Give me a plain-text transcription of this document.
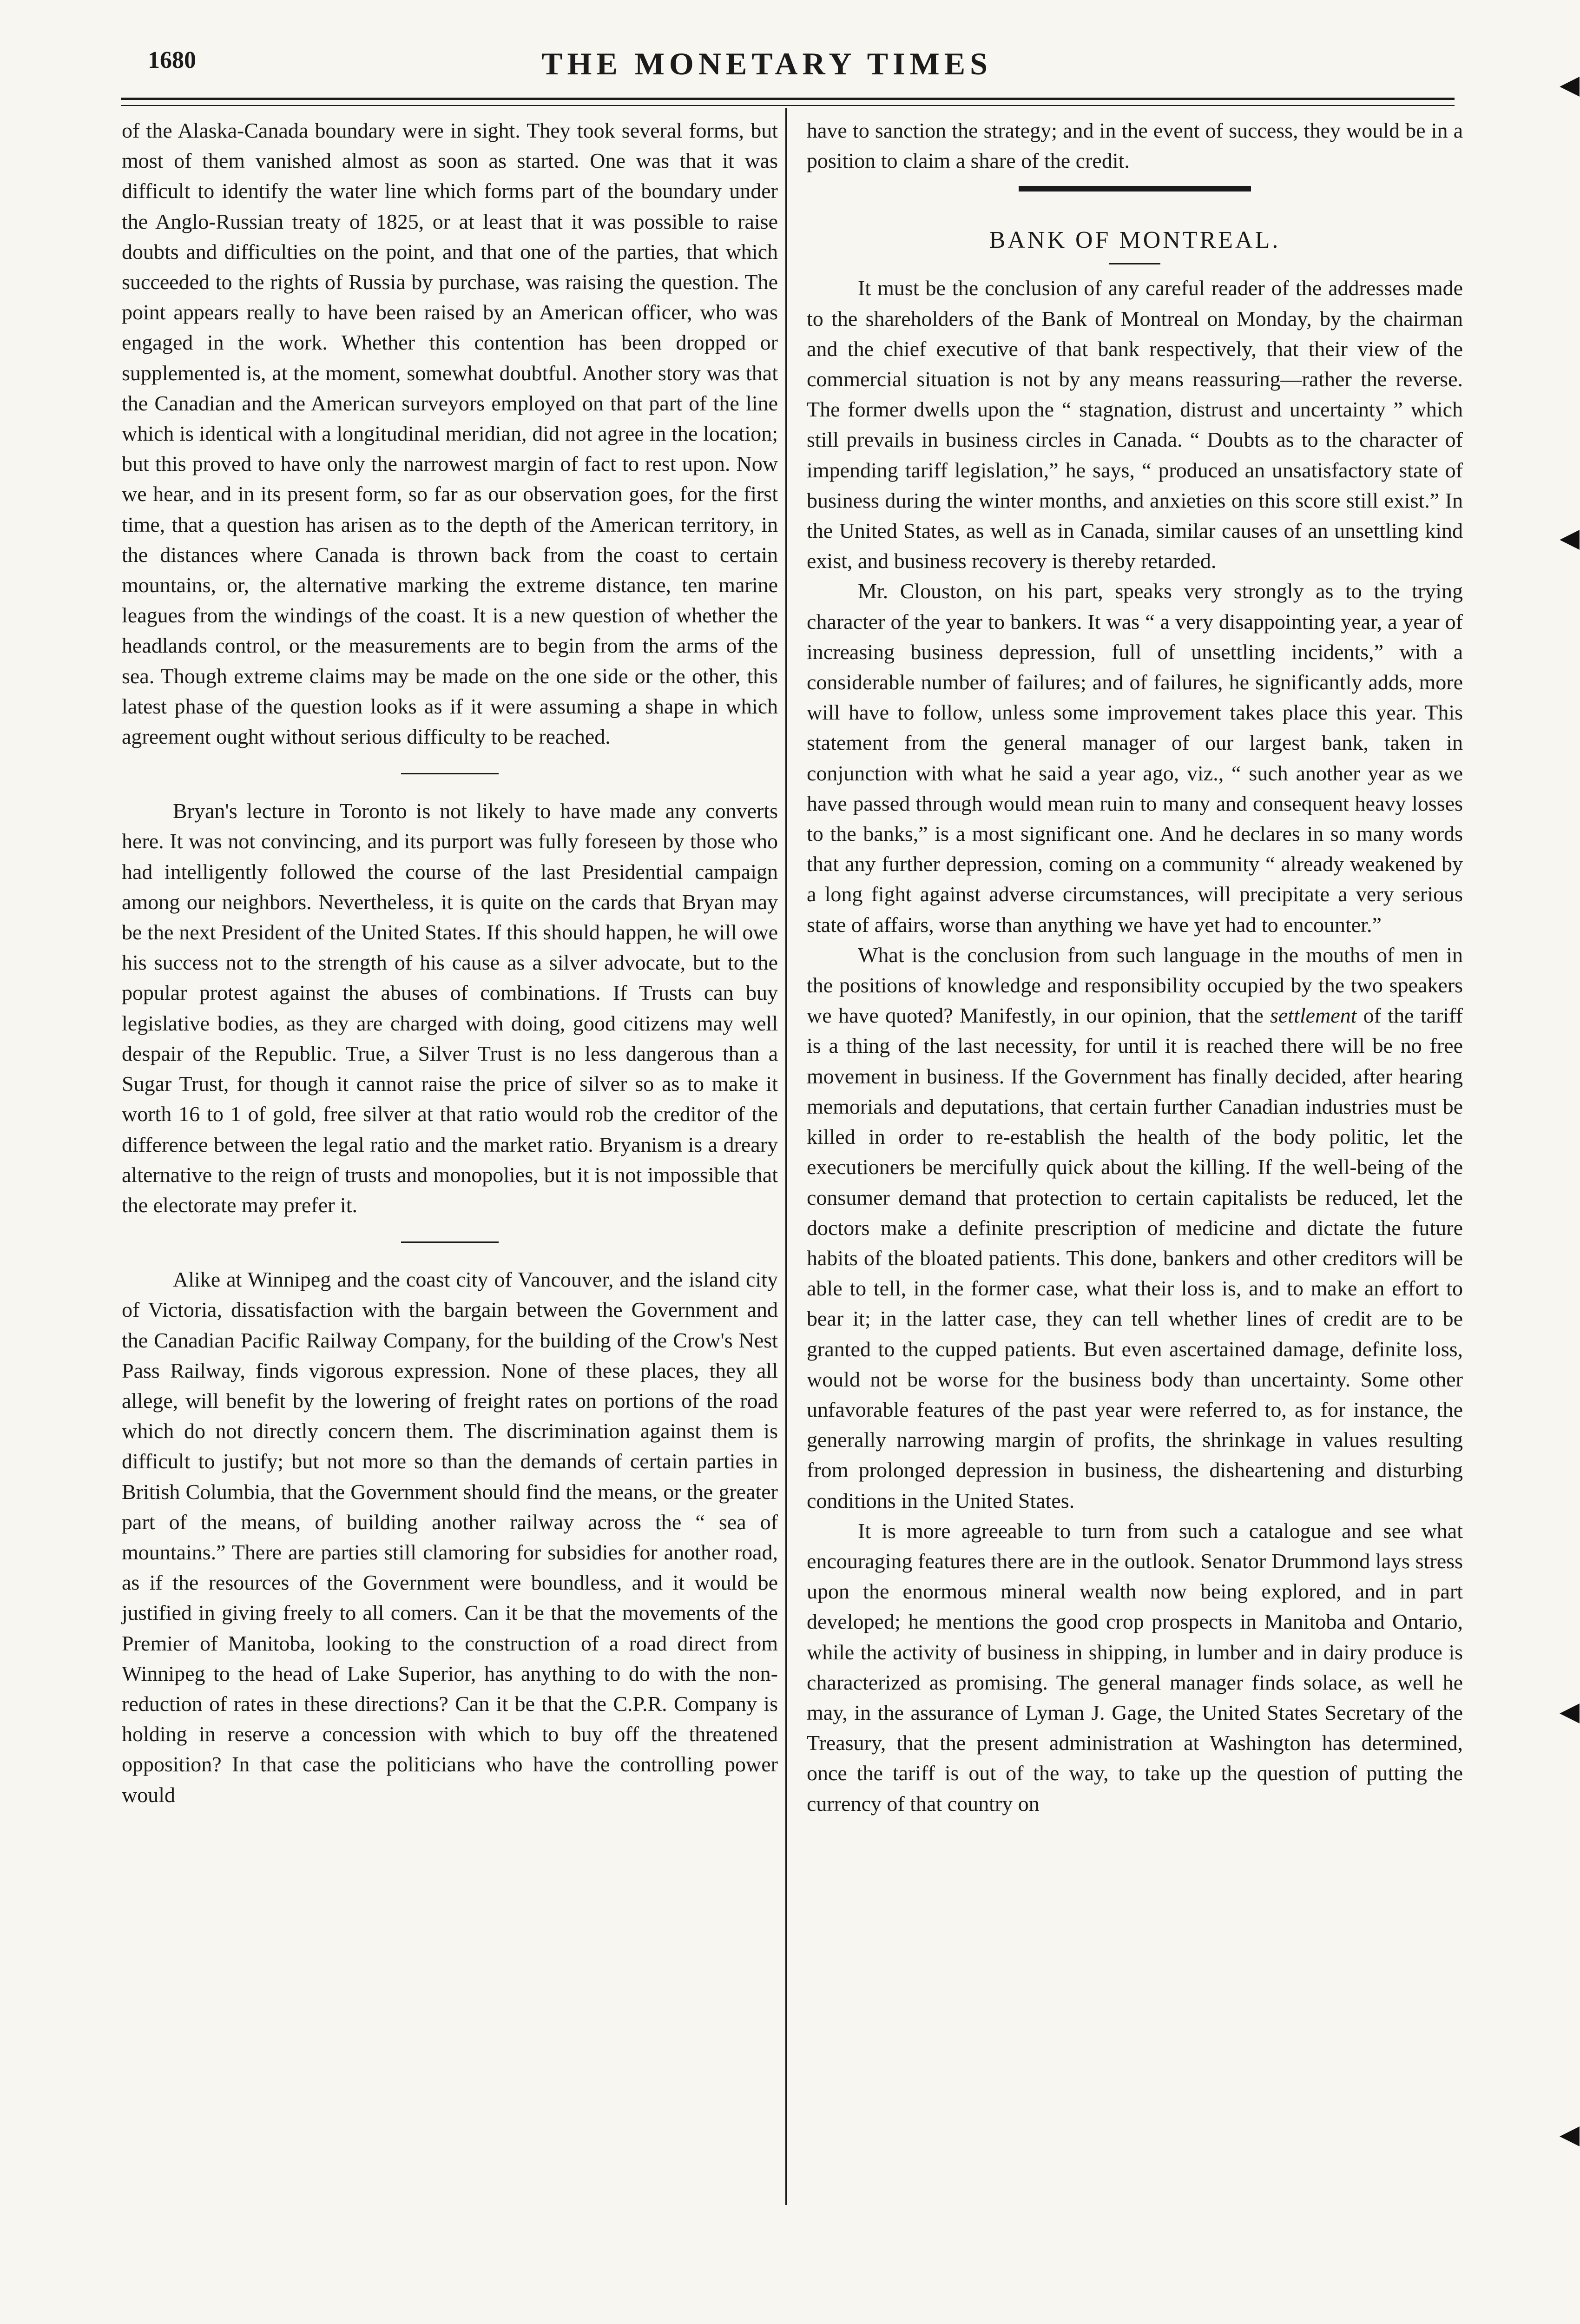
1680	THE MONETARY TIMES

of the Alaska-Canada boundary were in sight. They took several forms, but most of them vanished almost as soon as started. One was that it was difficult to identify the water line which forms part of the boundary under the Anglo-Russian treaty of 1825, or at least that it was possible to raise doubts and difficulties on the point, and that one of the parties, that which succeeded to the rights of Russia by purchase, was raising the question. The point appears really to have been raised by an American officer, who was engaged in the work. Whether this contention has been dropped or supplemented is, at the moment, somewhat doubtful. Another story was that the Canadian and the American surveyors employed on that part of the line which is identical with a longitudinal meridian, did not agree in the location; but this proved to have only the narrowest margin of fact to rest upon. Now we hear, and in its present form, so far as our observation goes, for the first time, that a question has arisen as to the depth of the American territory, in the distances where Canada is thrown back from the coast to certain mountains, or, the alternative marking the extreme distance, ten marine leagues from the windings of the coast. It is a new question of whether the headlands control, or the measurements are to begin from the arms of the sea. Though extreme claims may be made on the one side or the other, this latest phase of the question looks as if it were assuming a shape in which agreement ought without serious difficulty to be reached.

Bryan's lecture in Toronto is not likely to have made any converts here. It was not convincing, and its purport was fully foreseen by those who had intelligently followed the course of the last Presidential campaign among our neighbors. Nevertheless, it is quite on the cards that Bryan may be the next President of the United States. If this should happen, he will owe his success not to the strength of his cause as a silver advocate, but to the popular protest against the abuses of combinations. If Trusts can buy legislative bodies, as they are charged with doing, good citizens may well despair of the Republic. True, a Silver Trust is no less dangerous than a Sugar Trust, for though it cannot raise the price of silver so as to make it worth 16 to 1 of gold, free silver at that ratio would rob the creditor of the difference between the legal ratio and the market ratio. Bryanism is a dreary alternative to the reign of trusts and monopolies, but it is not impossible that the electorate may prefer it.

Alike at Winnipeg and the coast city of Vancouver, and the island city of Victoria, dissatisfaction with the bargain between the Government and the Canadian Pacific Railway Company, for the building of the Crow's Nest Pass Railway, finds vigorous expression. None of these places, they all allege, will benefit by the lowering of freight rates on portions of the road which do not directly concern them. The discrimination against them is difficult to justify; but not more so than the demands of certain parties in British Columbia, that the Government should find the means, or the greater part of the means, of building another railway across the “ sea of mountains.” There are parties still clamoring for subsidies for another road, as if the resources of the Government were boundless, and it would be justified in giving freely to all comers. Can it be that the movements of the Premier of Manitoba, looking to the construction of a road direct from Winnipeg to the head of Lake Superior, has anything to do with the non-reduction of rates in these directions? Can it be that the C.P.R. Company is holding in reserve a concession with which to buy off the threatened opposition? In that case the politicians who have the controlling power would

have to sanction the strategy; and in the event of success, they would be in a position to claim a share of the credit.

BANK OF MONTREAL.

It must be the conclusion of any careful reader of the addresses made to the shareholders of the Bank of Montreal on Monday, by the chairman and the chief executive of that bank respectively, that their view of the commercial situation is not by any means reassuring—rather the reverse. The former dwells upon the “ stagnation, distrust and uncertainty ” which still prevails in business circles in Canada. “ Doubts as to the character of impending tariff legislation,” he says, “ produced an unsatisfactory state of business during the winter months, and anxieties on this score still exist.” In the United States, as well as in Canada, similar causes of an unsettling kind exist, and business recovery is thereby retarded.

Mr. Clouston, on his part, speaks very strongly as to the trying character of the year to bankers. It was “ a very disappointing year, a year of increasing business depression, full of unsettling incidents,” with a considerable number of failures; and of failures, he significantly adds, more will have to follow, unless some improvement takes place this year. This statement from the general manager of our largest bank, taken in conjunction with what he said a year ago, viz., “ such another year as we have passed through would mean ruin to many and consequent heavy losses to the banks,” is a most significant one. And he declares in so many words that any further depression, coming on a community “ already weakened by a long fight against adverse circumstances, will precipitate a very serious state of affairs, worse than anything we have yet had to encounter.”

What is the conclusion from such language in the mouths of men in the positions of knowledge and responsibility occupied by the two speakers we have quoted? Manifestly, in our opinion, that the settlement of the tariff is a thing of the last necessity, for until it is reached there will be no free movement in business. If the Government has finally decided, after hearing memorials and deputations, that certain further Canadian industries must be killed in order to re-establish the health of the body politic, let the executioners be mercifully quick about the killing. If the well-being of the consumer demand that protection to certain capitalists be reduced, let the doctors make a definite prescription of medicine and dictate the future habits of the bloated patients. This done, bankers and other creditors will be able to tell, in the former case, what their loss is, and to make an effort to bear it; in the latter case, they can tell whether lines of credit are to be granted to the cupped patients. But even ascertained damage, definite loss, would not be worse for the business body than uncertainty. Some other unfavorable features of the past year were referred to, as for instance, the generally narrowing margin of profits, the shrinkage in values resulting from prolonged depression in business, the disheartening and disturbing conditions in the United States.

It is more agreeable to turn from such a catalogue and see what encouraging features there are in the outlook. Senator Drummond lays stress upon the enormous mineral wealth now being explored, and in part developed; he mentions the good crop prospects in Manitoba and Ontario, while the activity of business in shipping, in lumber and in dairy produce is characterized as promising. The general manager finds solace, as well he may, in the assurance of Lyman J. Gage, the United States Secretary of the Treasury, that the present administration at Washington has determined, once the tariff is out of the way, to take up the question of putting the currency of that country on

◀
◀
◀
◀
